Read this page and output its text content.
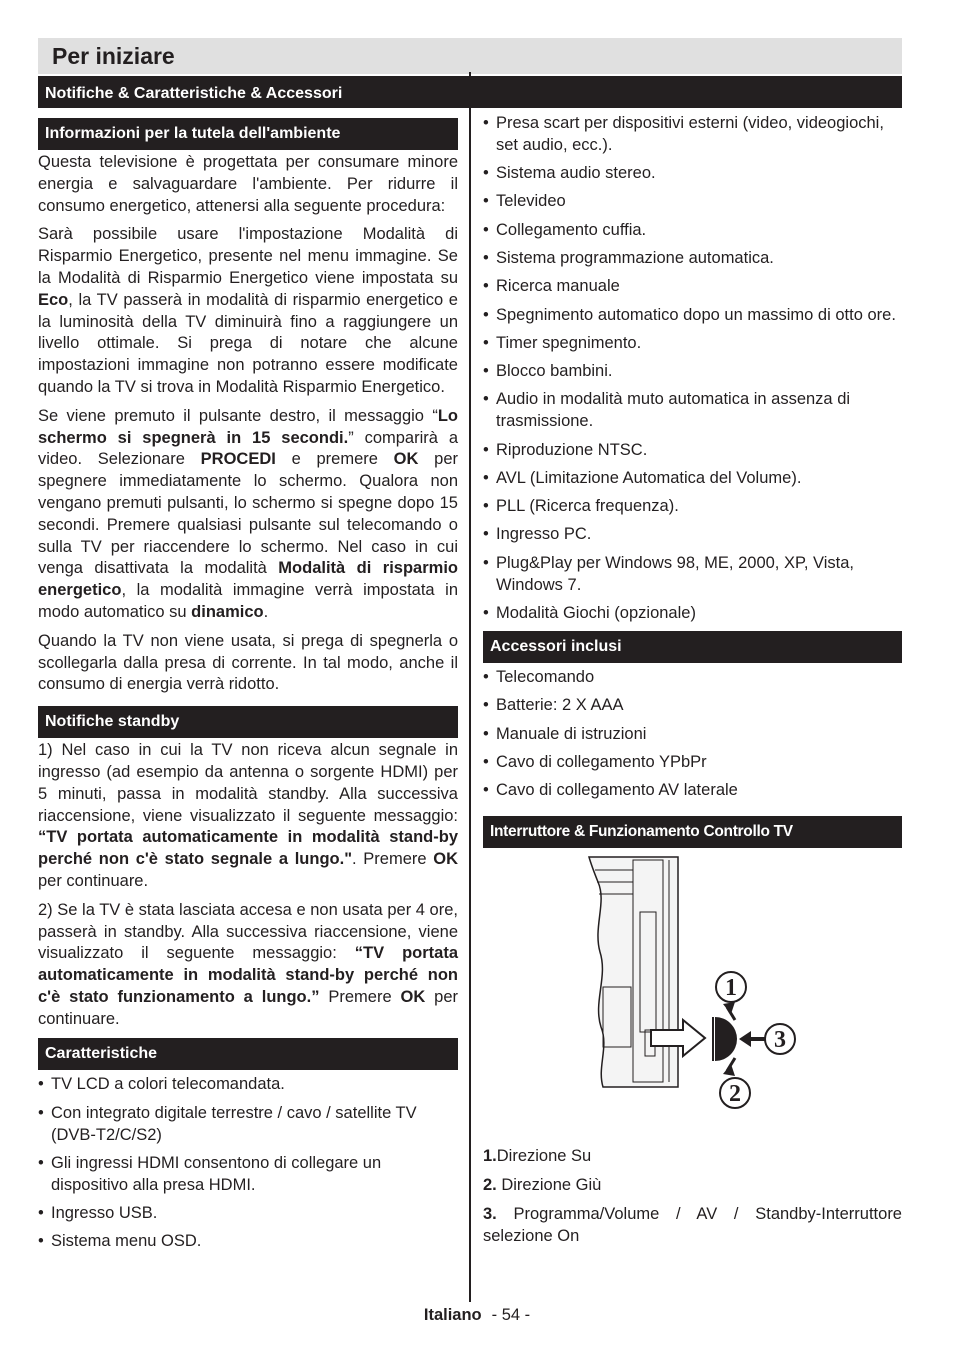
Per iniziare
Notifiche & Caratteristiche & Accessori
Informazioni per la tutela dell'ambiente

Questa televisione è progettata per consumare minore energia e salvaguardare l'ambiente. Per ridurre il consumo energetico, attenersi alla seguente procedura:

Sarà possibile usare l'impostazione Modalità di Risparmio Energetico, presente nel menu immagine. Se la Modalità di Risparmio Energetico viene impostata su Eco, la TV passerà in modalità di risparmio energetico e la luminosità della TV diminuirà fino a raggiungere un livello ottimale. Si prega di notare che alcune impostazioni immagine non potranno essere modificate quando la TV si trova in Modalità Risparmio Energetico.

Se viene premuto il pulsante destro, il messaggio “Lo schermo si spegnerà in 15 secondi.” comparirà a video. Selezionare PROCEDI e premere OK per spegnere immediatamente lo schermo. Qualora non vengano premuti pulsanti, lo schermo si spegne dopo 15 secondi. Premere qualsiasi pulsante sul telecomando o sulla TV per riaccendere lo schermo. Nel caso in cui venga disattivata la modalità Modalità di risparmio energetico, la modalità immagine verrà impostata in modo automatico su dinamico.

Quando la TV non viene usata, si prega di spegnerla o scollegarla dalla presa di corrente. In tal modo, anche il consumo di energia verrà ridotto.

Notifiche standby

1) Nel caso in cui la TV non riceva alcun segnale in ingresso (ad esempio da antenna o sorgente HDMI) per 5 minuti, passa in modalità standby. Alla successiva riaccensione, viene visualizzato il seguente messaggio: “TV portata automaticamente in modalità stand-by perché non c'è stato segnale a lungo.". Premere OK per continuare.

2) Se la TV è stata lasciata accesa e non usata per 4 ore, passerà in standby. Alla successiva riaccensione, viene visualizzato il seguente messaggio: “TV portata automaticamente in modalità stand-by perché non c'è stato funzionamento a lungo.” Premere OK per continuare.

Caratteristiche
• TV LCD a colori telecomandata.
• Con integrato digitale terrestre / cavo / satellite TV (DVB-T2/C/S2)
• Gli ingressi HDMI consentono di collegare un dispositivo alla presa HDMI.
• Ingresso USB.
• Sistema menu OSD.
• Presa scart per dispositivi esterni (video, videogiochi, set audio, ecc.).
• Sistema audio stereo.
• Televideo
• Collegamento cuffia.
• Sistema programmazione automatica.
• Ricerca manuale
• Spegnimento automatico dopo un massimo di otto ore.
• Timer spegnimento.
• Blocco bambini.
• Audio in modalità muto automatica in assenza di trasmissione.
• Riproduzione NTSC.
• AVL (Limitazione Automatica del Volume).
• PLL (Ricerca frequenza).
• Ingresso PC.
• Plug&Play per Windows 98, ME, 2000, XP, Vista, Windows 7.
• Modalità Giochi (opzionale)
Accessori inclusi
• Telecomando
• Batterie: 2 X AAA
• Manuale di istruzioni
• Cavo di collegamento YPbPr
• Cavo di collegamento AV laterale
Interruttore & Funzionamento Controllo TV
1
3
2

1.Direzione Su

2. Direzione Giù

3. Programma/Volume / AV / Standby-Interruttore selezione On

Italiano - 54 -
